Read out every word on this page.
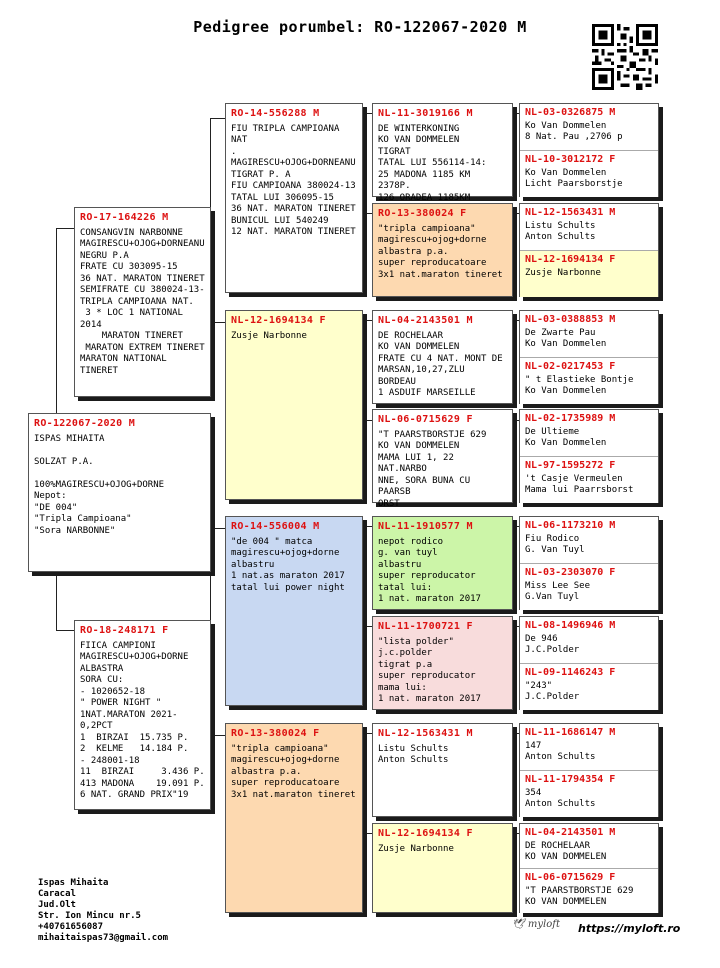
Pedigree porumbel: RO-122067-2020 M
RO-122067-2020 M
ISPAS MIHAITA

SOLZAT P.A.

100%MAGIRESCU+OJOG+DORNE
Nepot:
"DE 004"
"Tripla Campioana"
"Sora NARBONNE"
RO-17-164226 M
CONSANGVIN NARBONNE
MAGIRESCU+OJOG+DORNEANU
NEGRU P.A
FRATE CU 303095-15
36 NAT. MARATON TINERET
SEMIFRATE CU 380024-13-
TRIPLA CAMPIOANA NAT.
3 * LOC 1 NATIONAL 2014
MARATON TINERET
MARATON EXTREM TINERET
MARATON NATIONAL TINERET
RO-18-248171 F
FIICA CAMPIONI
MAGIRESCU+OJOG+DORNE
ALBASTRA
SORA CU:
- 1020652-18
" POWER NIGHT "
1NAT.MARATON 2021-0,2PCT
1  BIRZAI  15.735 P.
2  KELME   14.184 P.
- 248001-18
11  BIRZAI     3.436 P.
413 MADONA    19.091 P.
6 NAT. GRAND PRIX"19
RO-14-556288 M
FIU TRIPLA CAMPIOANA NAT
.
MAGIRESCU+OJOG+DORNEANU
TIGRAT P. A
FIU CAMPIOANA 380024-13
TATAL LUI 306095-15
36 NAT. MARATON TINERET
BUNICUL LUI 540249
12 NAT. MARATON TINERET
NL-12-1694134 F
Zusje Narbonne
RO-14-556004 M
"de 004 " matca
magirescu+ojog+dorne
albastru
1 nat.as maraton 2017
tatal lui power night
RO-13-380024 F
"tripla campioana"
magirescu+ojog+dorne
albastra p.a.
super reproducatoare
3x1 nat.maraton tineret
NL-11-3019166 M
DE WINTERKONING
KO VAN DOMMELEN
TIGRAT
TATAL LUI 556114-14:
25 MADONA 1185 KM 2378P.
126 ORADEA 1185KM
RO-13-380024 F
"tripla campioana"
magirescu+ojog+dorne
albastra p.a.
super reproducatoare
3x1 nat.maraton tineret
NL-04-2143501 M
DE ROCHELAAR
KO VAN DOMMELEN
FRATE CU 4 NAT. MONT DE
MARSAN,10,27,ZLU BORDEAU
1 ASDUIF MARSEILLE
NL-06-0715629 F
"T PAARSTBORSTJE 629
KO VAN DOMMELEN
MAMA LUI 1, 22 NAT.NARBO
NNE, SORA BUNA CU PAARSB
ORST
NL-11-1910577 M
nepot rodico
g. van tuyl
albastru
super reproducator
tatal lui:
1 nat. maraton 2017
NL-11-1700721 F
"lista polder"
j.c.polder
tigrat p.a
super reproducator
mama lui:
1 nat. maraton 2017
NL-12-1563431 M
Listu Schults
Anton Schults
NL-12-1694134 F
Zusje Narbonne
NL-03-0326875 M
Ko Van Dommelen
8 Nat. Pau ,2706 p
NL-10-3012172 F
Ko Van Dommelen
Licht Paarsborstje
NL-12-1563431 M
Listu Schults
Anton Schults
NL-12-1694134 F
Zusje Narbonne
NL-03-0388853 M
De Zwarte Pau
Ko Van Dommelen
NL-02-0217453 F
" t Elastieke Bontje
Ko Van Dommelen
NL-02-1735989 M
De Ultieme
Ko Van Dommelen
NL-97-1595272 F
't Casje Vermeulen
Mama lui Paarrsborst
NL-06-1173210 M
Fiu Rodico
G. Van Tuyl
NL-03-2303070 F
Miss Lee See
G.Van Tuyl
NL-08-1496946 M
De 946
J.C.Polder
NL-09-1146243 F
"243"
J.C.Polder
NL-11-1686147 M
147
Anton Schults
NL-11-1794354 F
354
Anton Schults
NL-04-2143501 M
DE ROCHELAAR
KO VAN DOMMELEN
NL-06-0715629 F
"T PAARSTBORSTJE 629
KO VAN DOMMELEN
Ispas Mihaita
Caracal
Jud.Olt
Str. Ion Mincu nr.5
+40761656087
mihaitaispas73@gmail.com
🕊 myloft https://myloft.ro
